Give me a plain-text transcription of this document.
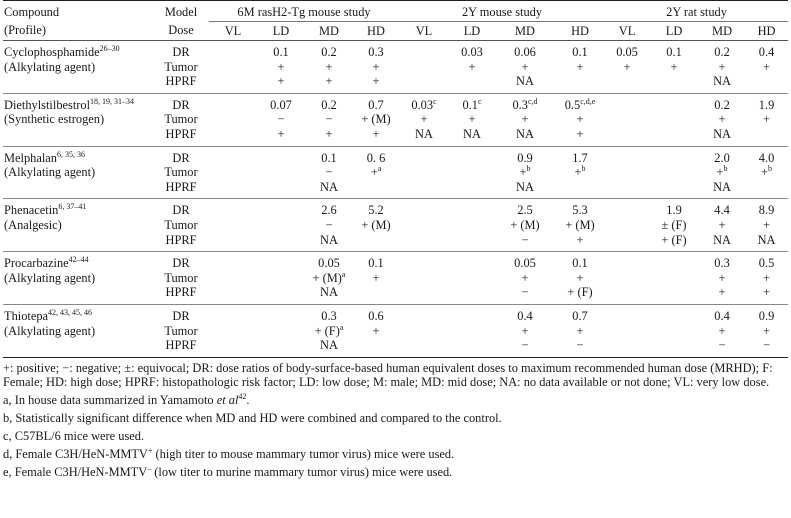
Compound	Model	6M rasH2-Tg mouse study				2Y mouse study				2Y rat study			
(Profile)	Dose	VL	LD	MD	HD	VL	LD	MD	HD	VL	LD	MD	HD
Cyclophosphamide$^{26-30}$	DR		0.1	0.2	0.3		0.03	0.06	0.1	0.05	0.1	0.2	0.4
(Alkylating agent)	Tumor		+	+	+		+	+	+	+	+	+	+
	HPRF		+	+	+			NA				NA	
Diethylstilbestrol$^{18, 19, 31-34}$	DR		0.07	0.2	0.7	0.03$^c$	0.1$^c$	0.3$^{c,d}$	0.5$^{c,d,e}$			0.2	1.9
(Synthetic estrogen)	Tumor		−	−	+ (M)	+	+	+	+			+	+
	HPRF		+	+	+	NA	NA	NA	+			NA	
Melphalan$^{6, 35, 36}$	DR			0.1	0. 6			0.9	1.7			2.0	4.0
(Alkylating agent)	Tumor			−	+$^a$			+$^b$	+$^b$			+$^b$	+$^b$
	HPRF			NA				NA				NA	
Phenacetin$^{6, 37-41}$	DR			2.6	5.2			2.5	5.3		1.9	4.4	8.9
(Analgesic)	Tumor			−	+ (M)			+ (M)	+ (M)		± (F)	+	+
	HPRF			NA				−	+		+ (F)	NA	NA
Procarbazine$^{42-44}$	DR			0.05	0.1			0.05	0.1			0.3	0.5
(Alkylating agent)	Tumor			+ $(M)^a$	+			+	+			+	+
	HPRF			NA				−	+ (F)			+	+
Thiotepa$^{42, 43, 45, 46}$	DR			0.3	0.6			0.4	0.7			0.4	0.9
(Alkylating agent)	Tumor			+ $(F)^a$	+			+	+			+	+
	HPRF			NA				−	−			−	−

+: positive; −: negative; ±: equivocal; DR: dose ratios of body-surface-based human equivalent doses to maximum recommended human dose (MRHD); F: Female; HD: high dose; HPRF: histopathologic risk factor; LD: low dose; M: male; MD: mid dose; NA: no data available or not done; VL: very low dose.

a, In house data summarized in Yamamoto et $al^{42}$.

b, Statistically significant difference when MD and HD were combined and compared to the control.

c, C57BL/6 mice were used.

d, Female C3H/HeN-MMTV+ (high titer to mouse mammary tumor virus) mice were used.

e, Female C3H/HeN-MMTV– (low titer to murine mammary tumor virus) mice were used.
